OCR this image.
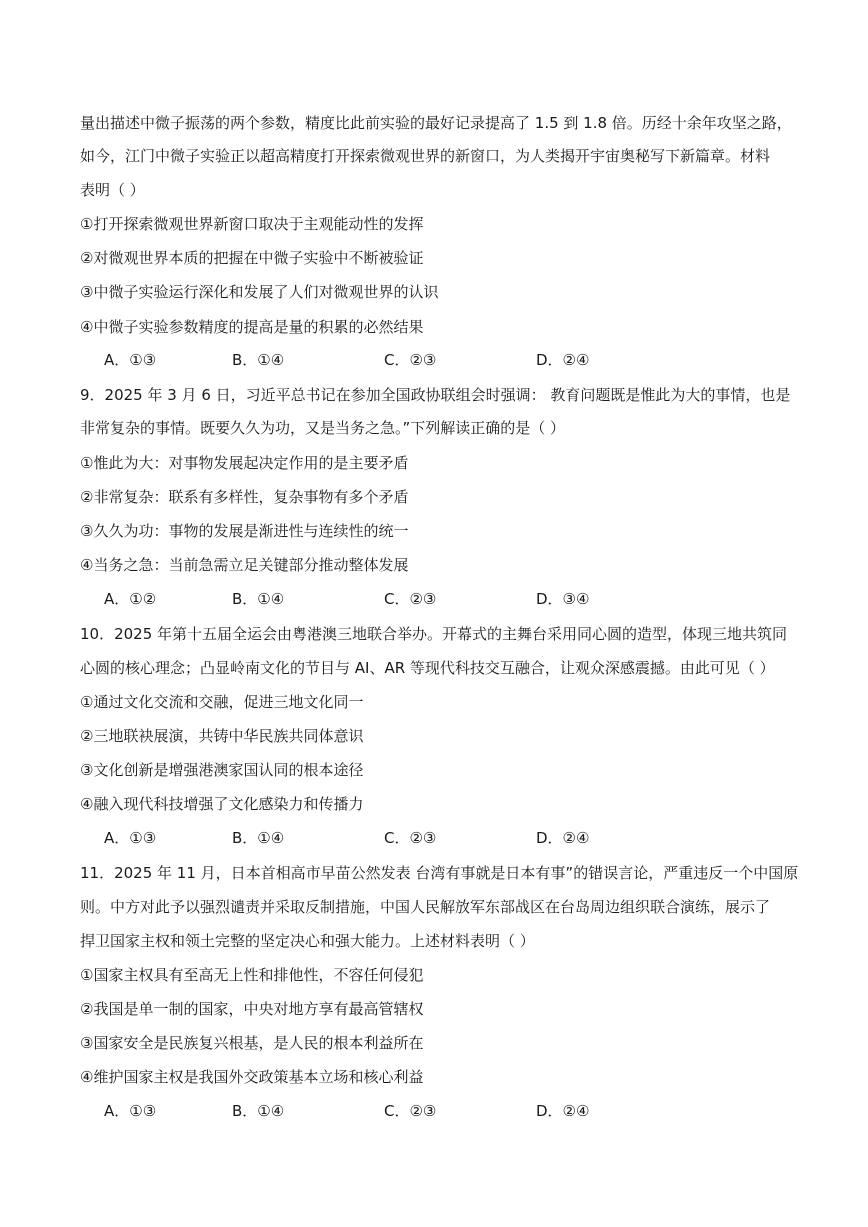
量出描述中微子振荡的两个参数，精度比此前实验的最好记录提高了 1.5 到 1.8 倍。历经十余年攻坚之路，
如今，江门中微子实验正以超高精度打开探索微观世界的新窗口，为人类揭开宇宙奥秘写下新篇章。材料
表明（ ）
①打开探索微观世界新窗口取决于主观能动性的发挥
②对微观世界本质的把握在中微子实验中不断被验证
③中微子实验运行深化和发展了人们对微观世界的认识
④中微子实验参数精度的提高是量的积累的必然结果
A．①③	B．①④	C．②③	D．②④
9．2025 年 3 月 6 日，习近平总书记在参加全国政协联组会时强调： 教育问题既是惟此为大的事情，也是
非常复杂的事情。既要久久为功，又是当务之急。”下列解读正确的是（ ）
①惟此为大：对事物发展起决定作用的是主要矛盾
②非常复杂：联系有多样性，复杂事物有多个矛盾
③久久为功：事物的发展是渐进性与连续性的统一
④当务之急：当前急需立足关键部分推动整体发展
A．①②	B．①④	C．②③	D．③④
10．2025 年第十五届全运会由粤港澳三地联合举办。开幕式的主舞台采用同心圆的造型，体现三地共筑同
心圆的核心理念；凸显岭南文化的节目与 AI、AR 等现代科技交互融合，让观众深感震撼。由此可见（ ）
①通过文化交流和交融，促进三地文化同一
②三地联袂展演，共铸中华民族共同体意识
③文化创新是增强港澳家国认同的根本途径
④融入现代科技增强了文化感染力和传播力
A．①③	B．①④	C．②③	D．②④
11．2025 年 11 月，日本首相高市早苗公然发表 台湾有事就是日本有事”的错误言论，严重违反一个中国原
则。中方对此予以强烈谴责并采取反制措施，中国人民解放军东部战区在台岛周边组织联合演练，展示了
捍卫国家主权和领土完整的坚定决心和强大能力。上述材料表明（ ）
①国家主权具有至高无上性和排他性，不容任何侵犯
②我国是单一制的国家，中央对地方享有最高管辖权
③国家安全是民族复兴根基，是人民的根本利益所在
④维护国家主权是我国外交政策基本立场和核心利益
A．①③	B．①④	C．②③	D．②④
